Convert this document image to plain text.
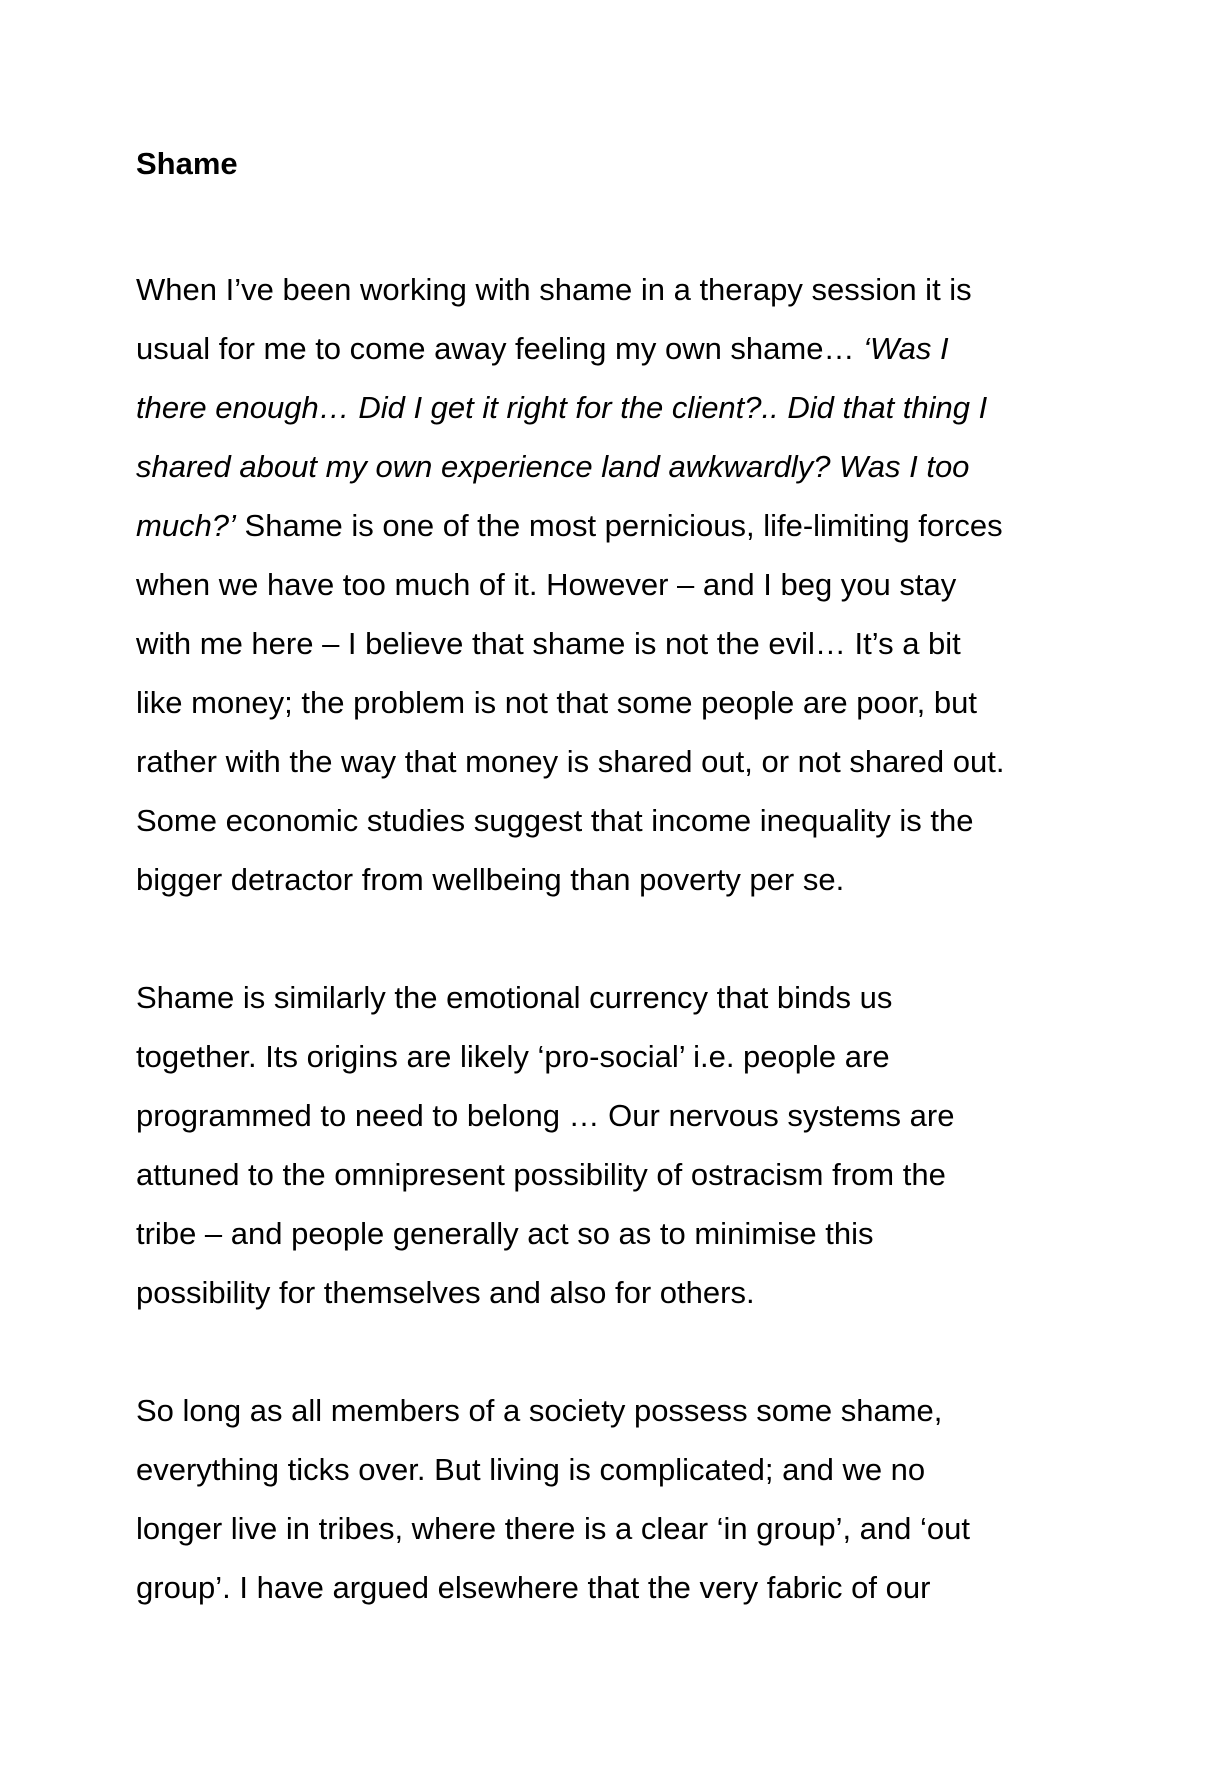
Shame

When I’ve been working with shame in a therapy session it is
usual for me to come away feeling my own shame… ‘Was I
there enough… Did I get it right for the client?.. Did that thing I
shared about my own experience land awkwardly? Was I too
much?’ Shame is one of the most pernicious, life-limiting forces
when we have too much of it. However – and I beg you stay
with me here – I believe that shame is not the evil… It’s a bit
like money; the problem is not that some people are poor, but
rather with the way that money is shared out, or not shared out.
Some economic studies suggest that income inequality is the
bigger detractor from wellbeing than poverty per se.

Shame is similarly the emotional currency that binds us
together. Its origins are likely ‘pro-social’ i.e. people are
programmed to need to belong … Our nervous systems are
attuned to the omnipresent possibility of ostracism from the
tribe – and people generally act so as to minimise this
possibility for themselves and also for others.

So long as all members of a society possess some shame,
everything ticks over. But living is complicated; and we no
longer live in tribes, where there is a clear ‘in group’, and ‘out
group’. I have argued elsewhere that the very fabric of our
